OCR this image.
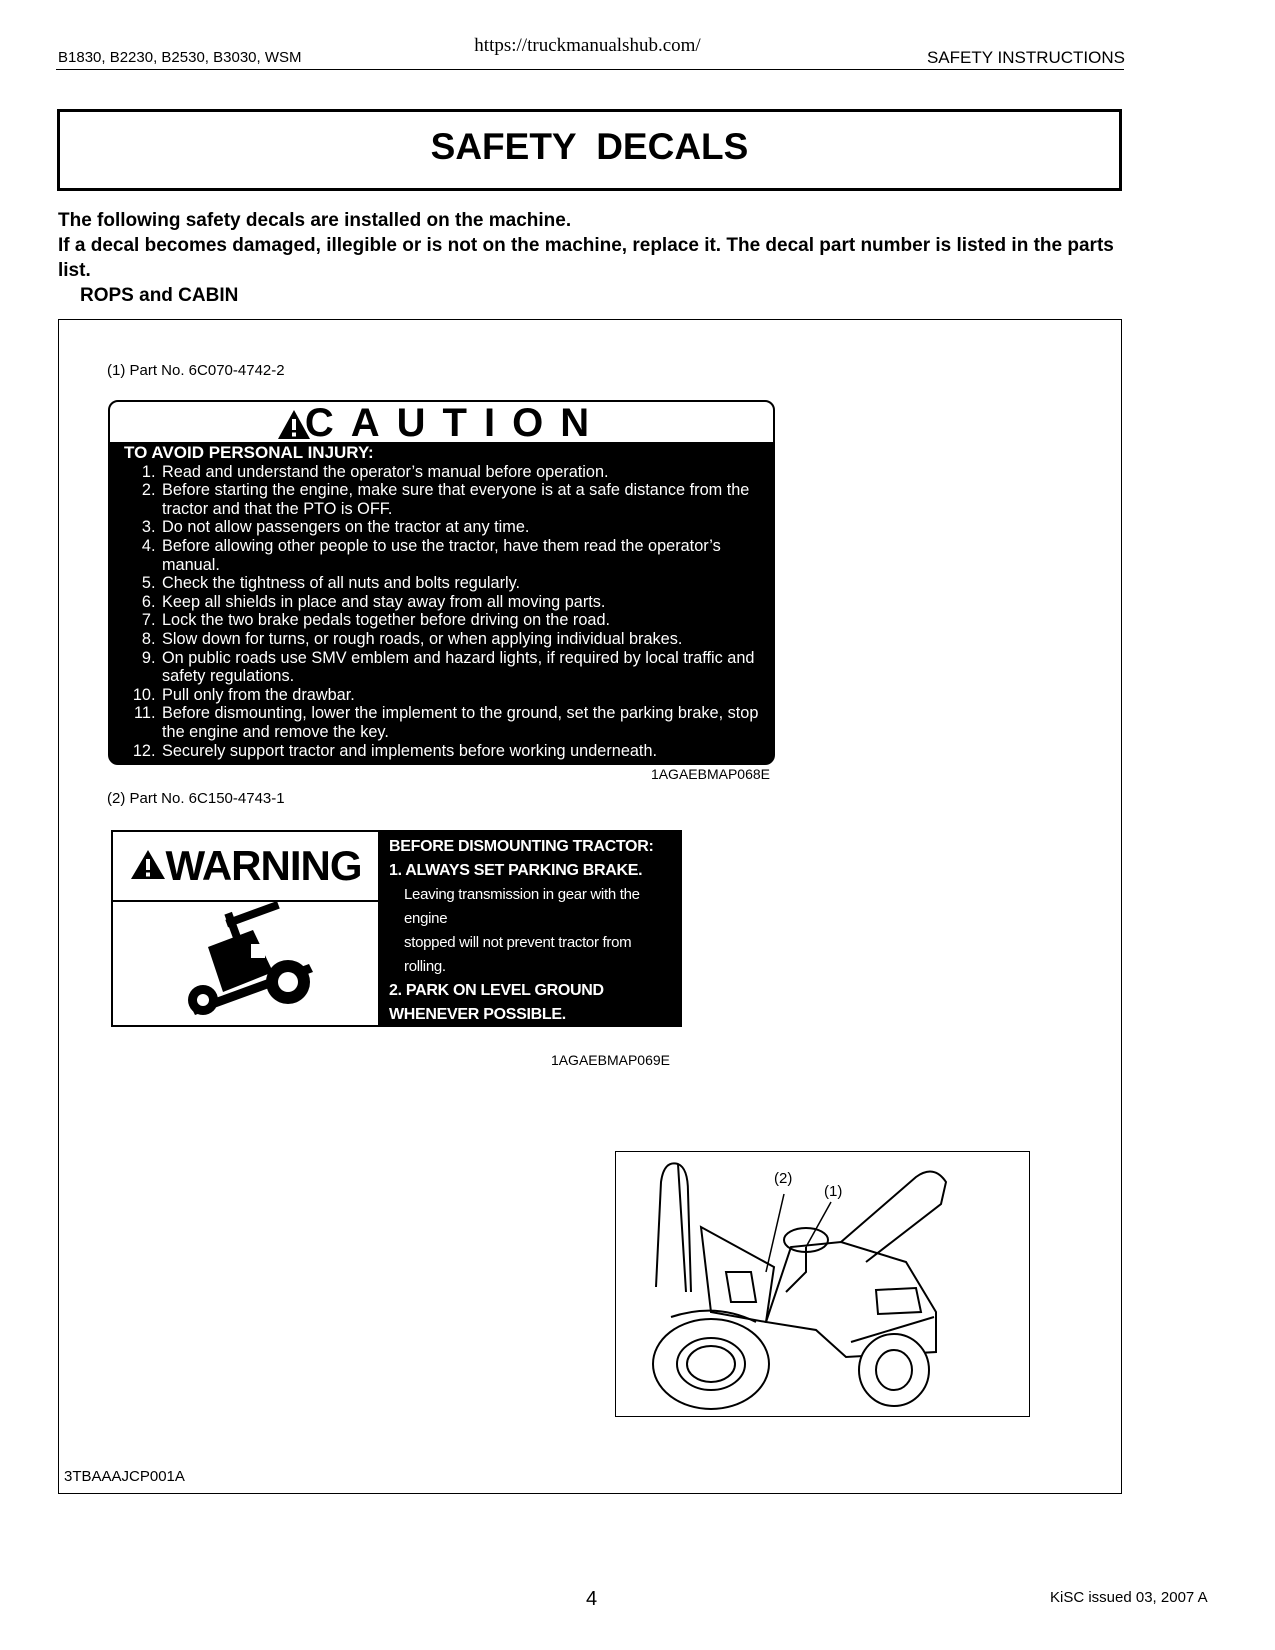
https://truckmanualshub.com/
B1830, B2230, B2530, B3030, WSM	SAFETY INSTRUCTIONS
SAFETY DECALS

The following safety decals are installed on the machine.

If a decal becomes damaged, illegible or is not on the machine, replace it. The decal part number is listed in the parts list.

ROPS and CABIN

(1) Part No. 6C070-4742-2
CAUTION
TO AVOID PERSONAL INJURY:
1. Read and understand the operator’s manual before operation.
2. Before starting the engine, make sure that everyone is at a safe distance from the tractor and that the PTO is OFF.
3. Do not allow passengers on the tractor at any time.
4. Before allowing other people to use the tractor, have them read the operator’s manual.
5. Check the tightness of all nuts and bolts regularly.
6. Keep all shields in place and stay away from all moving parts.
7. Lock the two brake pedals together before driving on the road.
8. Slow down for turns, or rough roads, or when applying individual brakes.
9. On public roads use SMV emblem and hazard lights, if required by local traffic and safety regulations.
10. Pull only from the drawbar.
11. Before dismounting, lower the implement to the ground, set the parking brake, stop the engine and remove the key.
12. Securely support tractor and implements before working underneath.
1AGAEBMAP068E
(2) Part No. 6C150-4743-1
WARNING BEFORE DISMOUNTING TRACTOR:
1. ALWAYS SET PARKING BRAKE.
Leaving transmission in gear with the engine
stopped will not prevent tractor from rolling.
2. PARK ON LEVEL GROUND WHENEVER POSSIBLE.
If parking on a slope, position tractor
across the slope.
3. LOWER ALL IMPLEMENTS TO THE GROUND.
4. STOP THE ENGINE.
1AGAEBMAP069E
(2)
(1)
3TBAAAJCP001A
4	KiSC issued 03, 2007 A
